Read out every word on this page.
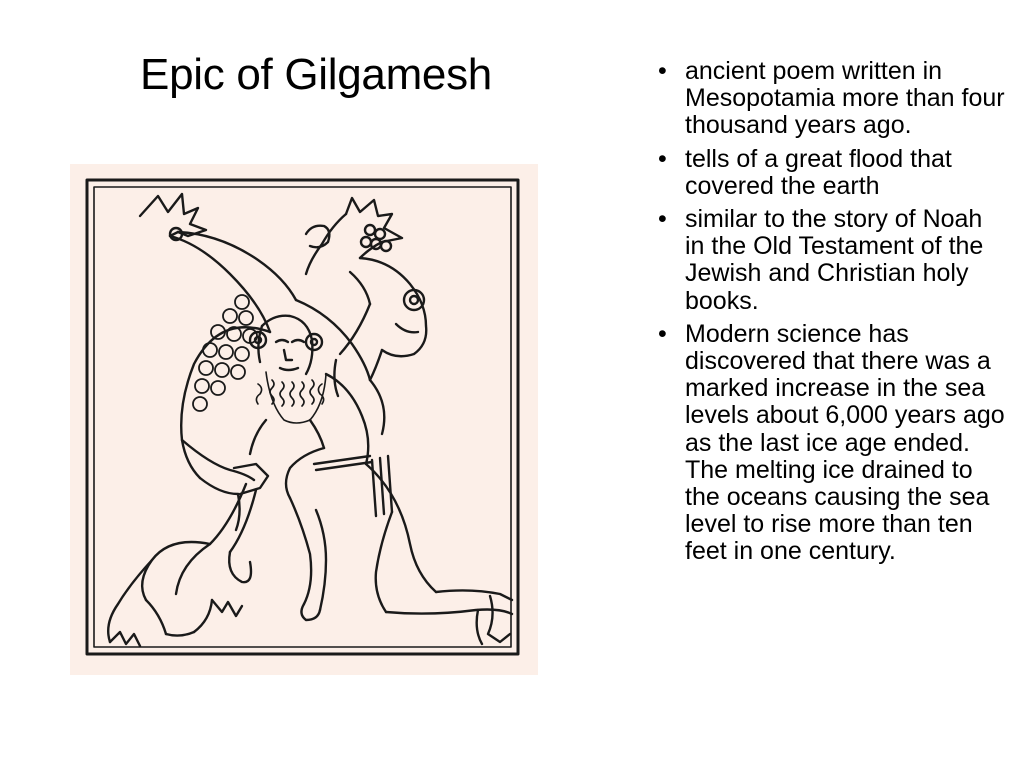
Epic of Gilgamesh	• ancient poem written in Mesopotamia more than four thousand years ago.
• tells of a great flood that covered the earth
• similar to the story of Noah in the Old Testament of the Jewish and Christian holy books.
• Modern science has discovered that there was a marked increase in the sea levels about 6,000 years ago as the last ice age ended. The melting ice drained to the oceans causing the sea level to rise more than ten feet in one century.
